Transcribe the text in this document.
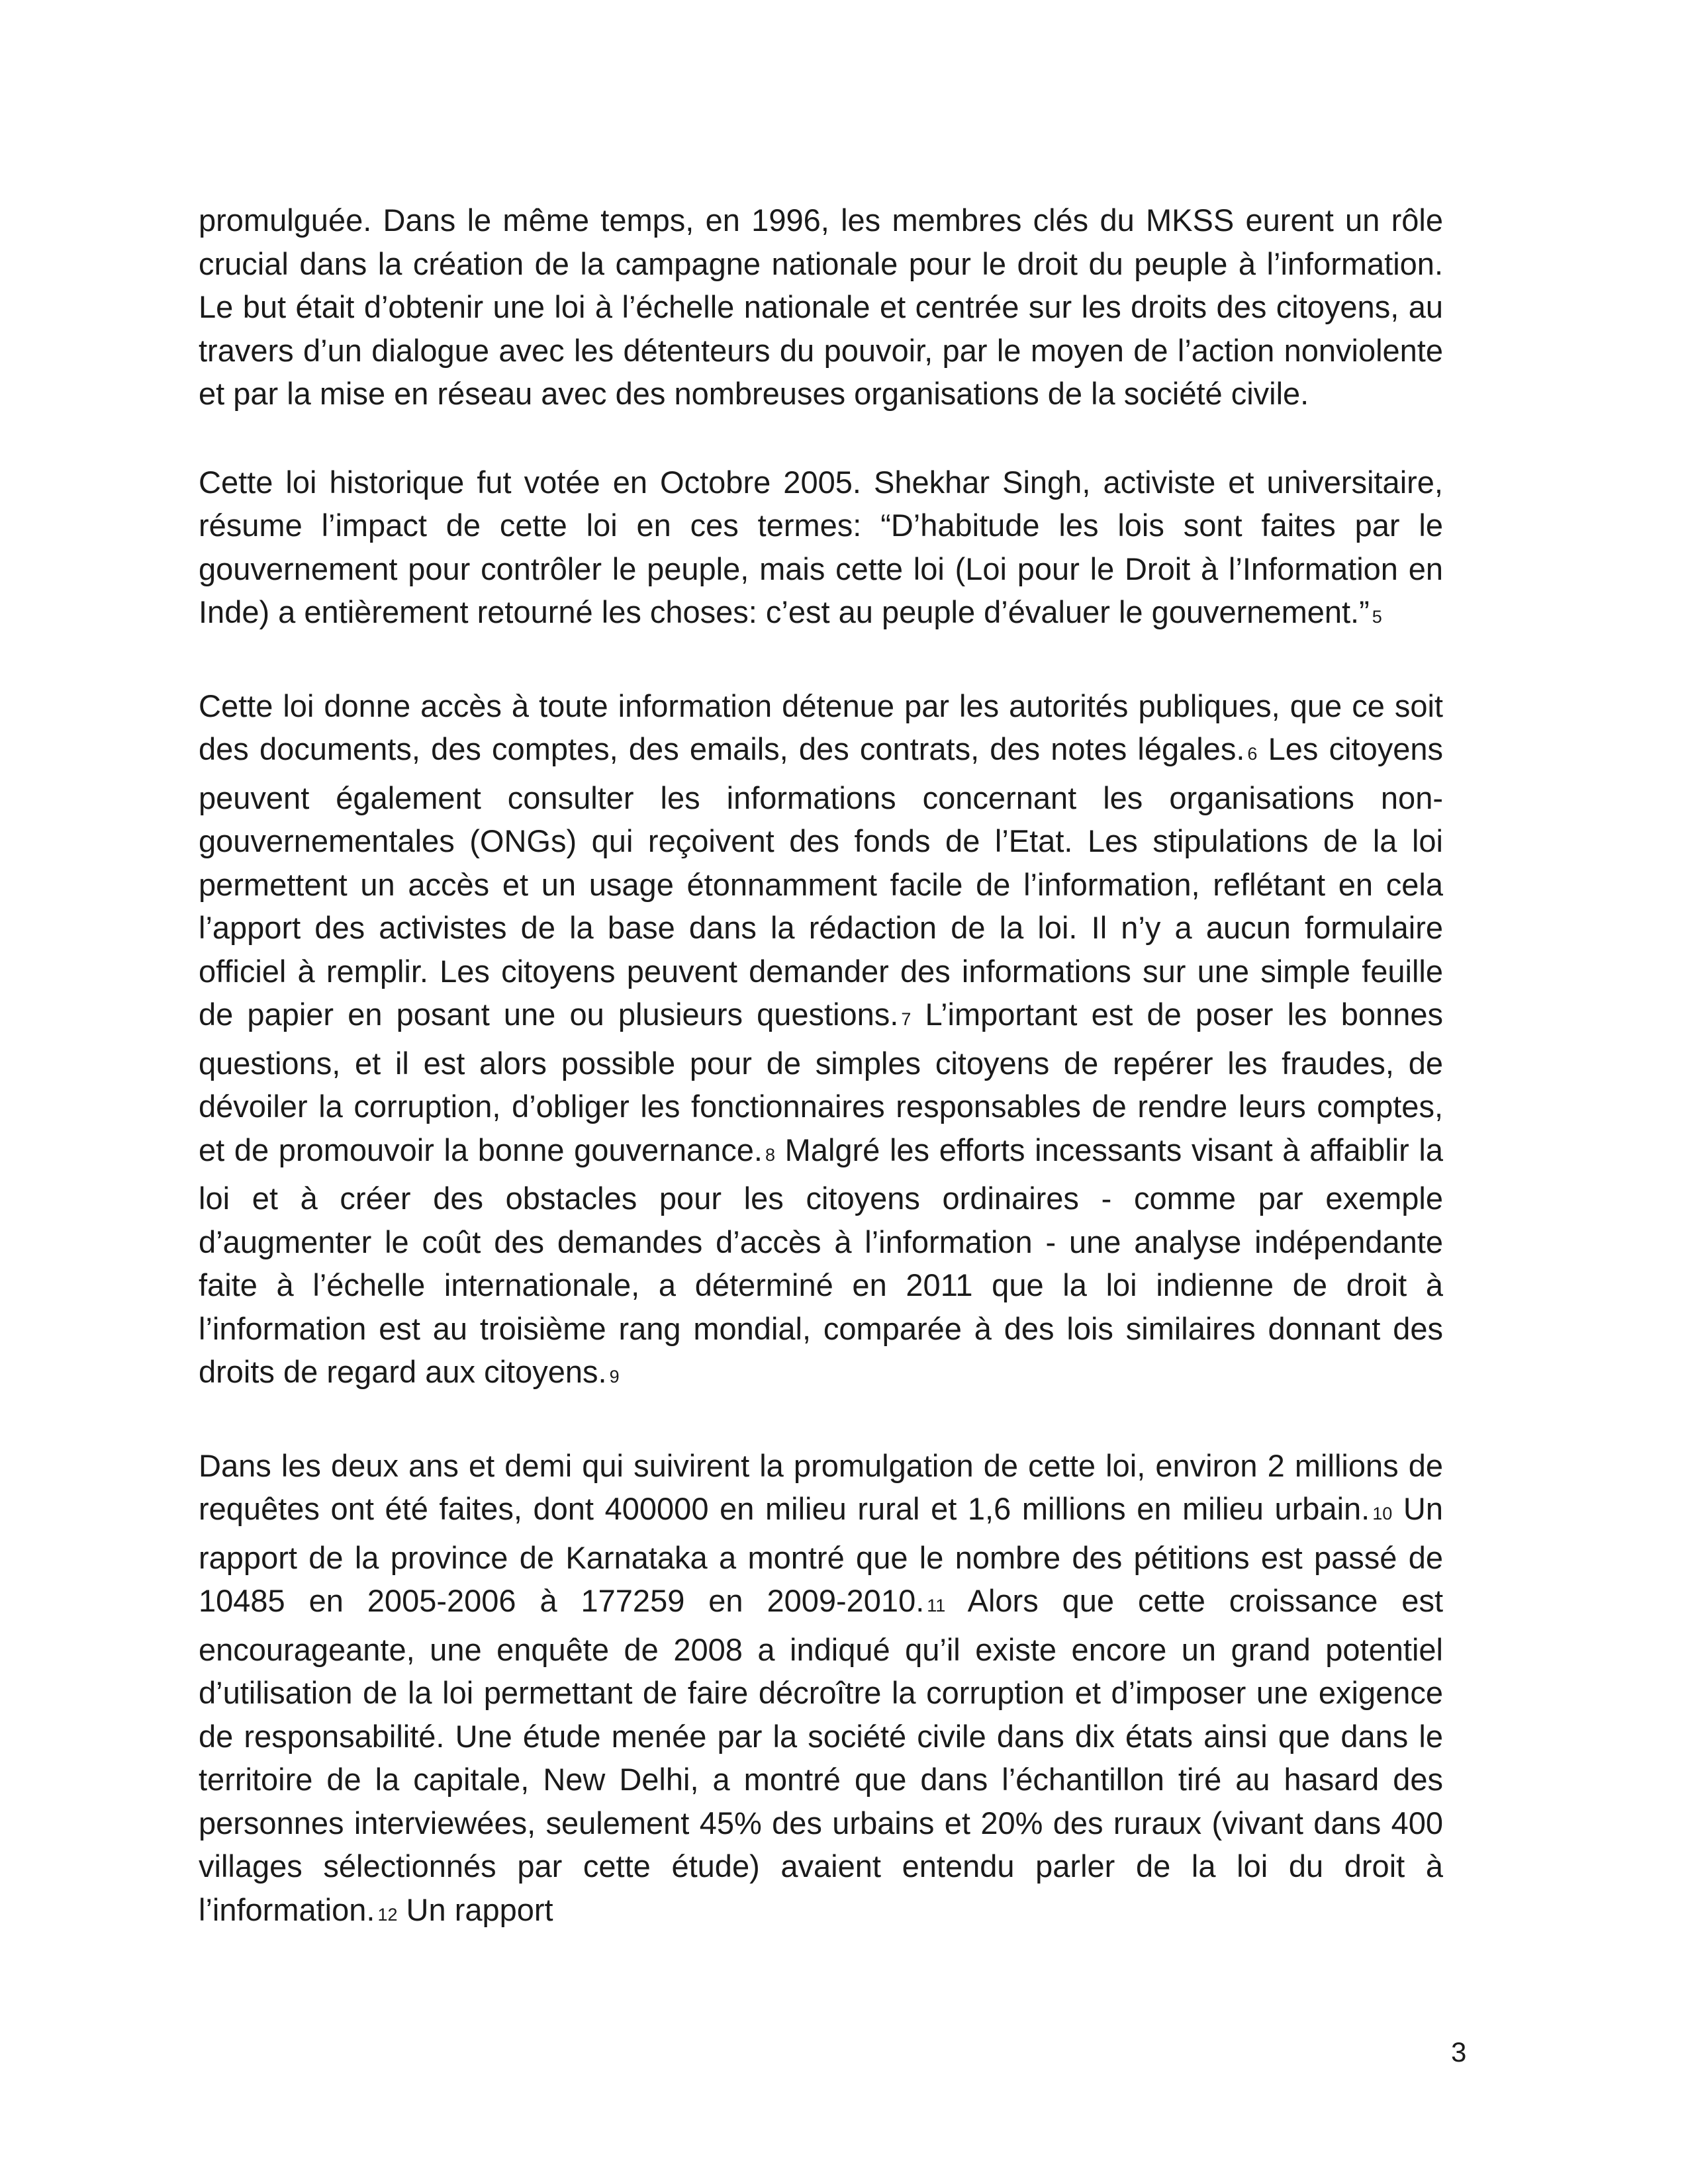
promulguée. Dans le même temps, en 1996, les membres clés du MKSS eurent un rôle crucial dans la création de la campagne nationale pour le droit du peuple à l’information. Le but était d’obtenir une loi à l’échelle nationale et centrée sur les droits des citoyens, au travers d’un dialogue avec les détenteurs du pouvoir, par le moyen de l’action nonviolente et par la mise en réseau avec des nombreuses organisations de la société civile.

Cette loi historique fut votée en Octobre 2005. Shekhar Singh, activiste et universitaire, résume l’impact de cette loi en ces termes: “D’habitude les lois sont faites par le gouvernement pour contrôler le peuple, mais cette loi (Loi pour le Droit à l’Information en Inde) a entièrement retourné les choses: c’est au peuple d’évaluer le gouvernement.” 5

Cette loi donne accès à toute information détenue par les autorités publiques, que ce soit des documents, des comptes, des emails, des contrats, des notes légales. 6 Les citoyens peuvent également consulter les informations concernant les organisations non-gouvernementales (ONGs) qui reçoivent des fonds de l’Etat. Les stipulations de la loi permettent un accès et un usage étonnamment facile de l’information, reflétant en cela l’apport des activistes de la base dans la rédaction de la loi. Il n’y a aucun formulaire officiel à remplir. Les citoyens peuvent demander des informations sur une simple feuille de papier en posant une ou plusieurs questions. 7 L’important est de poser les bonnes questions, et il est alors possible pour de simples citoyens de repérer les fraudes, de dévoiler la corruption, d’obliger les fonctionnaires responsables de rendre leurs comptes, et de promouvoir la bonne gouvernance. 8 Malgré les efforts incessants visant à affaiblir la loi et à créer des obstacles pour les citoyens ordinaires - comme par exemple d’augmenter le coût des demandes d’accès à l’information - une analyse indépendante faite à l’échelle internationale, a déterminé en 2011 que la loi indienne de droit à l’information est au troisième rang mondial, comparée à des lois similaires donnant des droits de regard aux citoyens. 9

Dans les deux ans et demi qui suivirent la promulgation de cette loi, environ 2 millions de requêtes ont été faites, dont 400000 en milieu rural et 1,6 millions en milieu urbain. 10 Un rapport de la province de Karnataka a montré que le nombre des pétitions est passé de 10485 en 2005-2006 à 177259 en 2009-2010. 11 Alors que cette croissance est encourageante, une enquête de 2008 a indiqué qu’il existe encore un grand potentiel d’utilisation de la loi permettant de faire décroître la corruption et d’imposer une exigence de responsabilité. Une étude menée par la société civile dans dix états ainsi que dans le territoire de la capitale, New Delhi, a montré que dans l’échantillon tiré au hasard des personnes interviewées, seulement 45% des urbains et 20% des ruraux (vivant dans 400 villages sélectionnés par cette étude) avaient entendu parler de la loi du droit à l’information. 12 Un rapport

3
